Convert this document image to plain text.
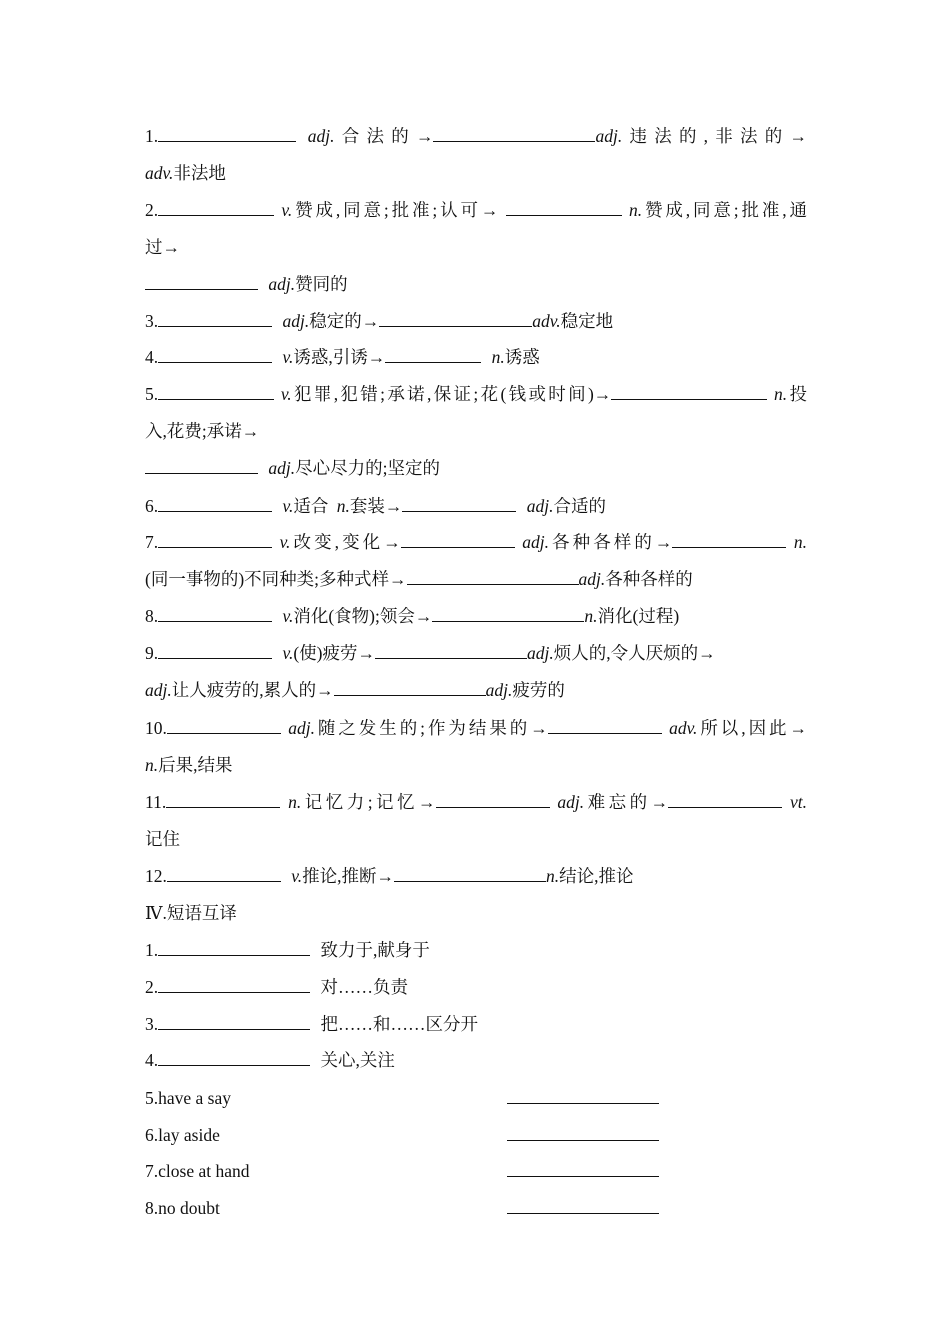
1.	adj.合法的→	adj.违法的,非法的→
adv.非法地
2.	v.赞成,同意;批准;认可→	n.赞成,同意;批准,通
过→
adj.赞同的
3.	adj.稳定的→	adv.稳定地
4.	v.诱惑,引诱→	n.诱惑
5.	v.犯罪,犯错;承诺,保证;花(钱或时间)→	n.投
入,花费;承诺→
adj.尽心尽力的;坚定的
6.	v.适合 n.套装→	adj.合适的
7.	v.改变,变化→	adj.各种各样的→	n.
(同一事物的)不同种类;多种式样→	adj.各种各样的
8.	v.消化(食物);领会→	n.消化(过程)
9.	v.(使)疲劳→	adj.烦人的,令人厌烦的→
adj.让人疲劳的,累人的→	adj.疲劳的
10.	adj.随之发生的;作为结果的→	adv.所以,因此→
n.后果,结果
11.	n.记忆力;记忆→	adj.难忘的→	vt.
记住
12.	v.推论,推断→	n.结论,推论
Ⅳ.短语互译
1.	致力于,献身于
2.	对……负责
3.	把……和……区分开
4.	关心,关注
5.have a say
6.lay aside
7.close at hand
8.no doubt
